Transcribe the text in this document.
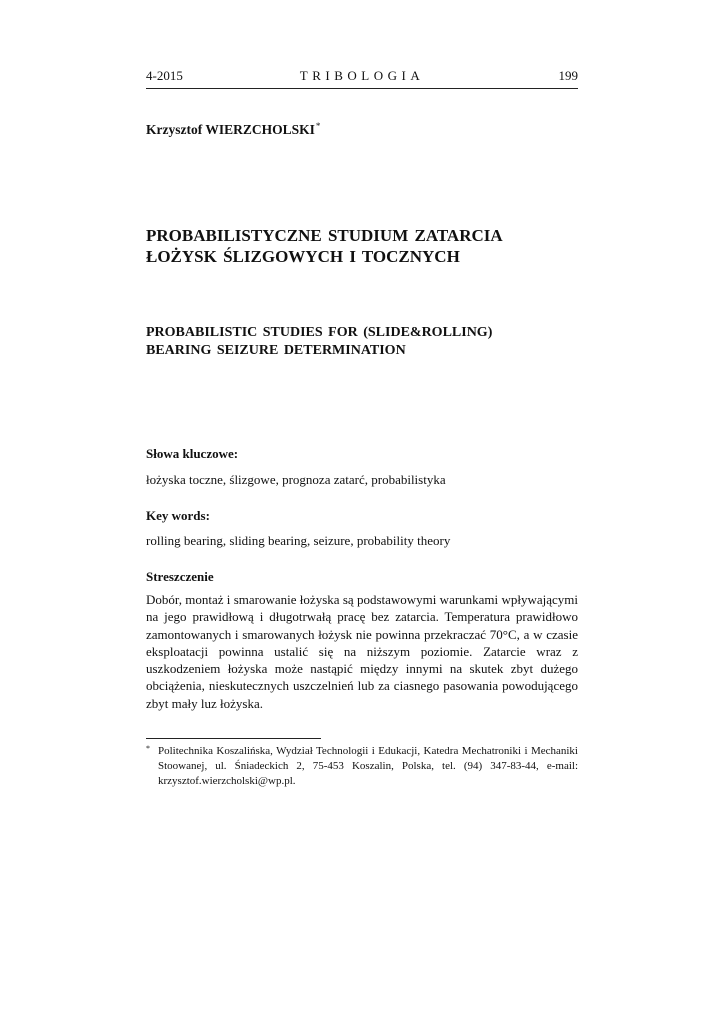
4-2015	TRIBOLOGIA	199
Krzysztof WIERZCHOLSKI*
PROBABILISTYCZNE STUDIUM ZATARCIA
ŁOŻYSK ŚLIZGOWYCH I TOCZNYCH
PROBABILISTIC STUDIES FOR (SLIDE&ROLLING)
BEARING SEIZURE DETERMINATION
Słowa kluczowe:
łożyska toczne, ślizgowe, prognoza zatarć, probabilistyka
Key words:
rolling bearing, sliding bearing, seizure, probability theory
Streszczenie
Dobór, montaż i smarowanie łożyska są podstawowymi warunkami wpływającymi na jego prawidłową i długotrwałą pracę bez zatarcia. Temperatura prawidłowo zamontowanych i smarowanych łożysk nie powinna przekraczać 70°C, a w czasie eksploatacji powinna ustalić się na niższym poziomie. Zatarcie wraz z uszkodzeniem łożyska może nastąpić między innymi na skutek zbyt dużego obciążenia, nieskutecznych uszczelnień lub za ciasnego pasowania powodującego zbyt mały luz łożyska.
* Politechnika Koszalińska, Wydział Technologii i Edukacji, Katedra Mechatroniki i Mechaniki Stoowanej, ul. Śniadeckich 2, 75-453 Koszalin, Polska, tel. (94) 347-83-44, e-mail: krzysztof.wierzcholski@wp.pl.
